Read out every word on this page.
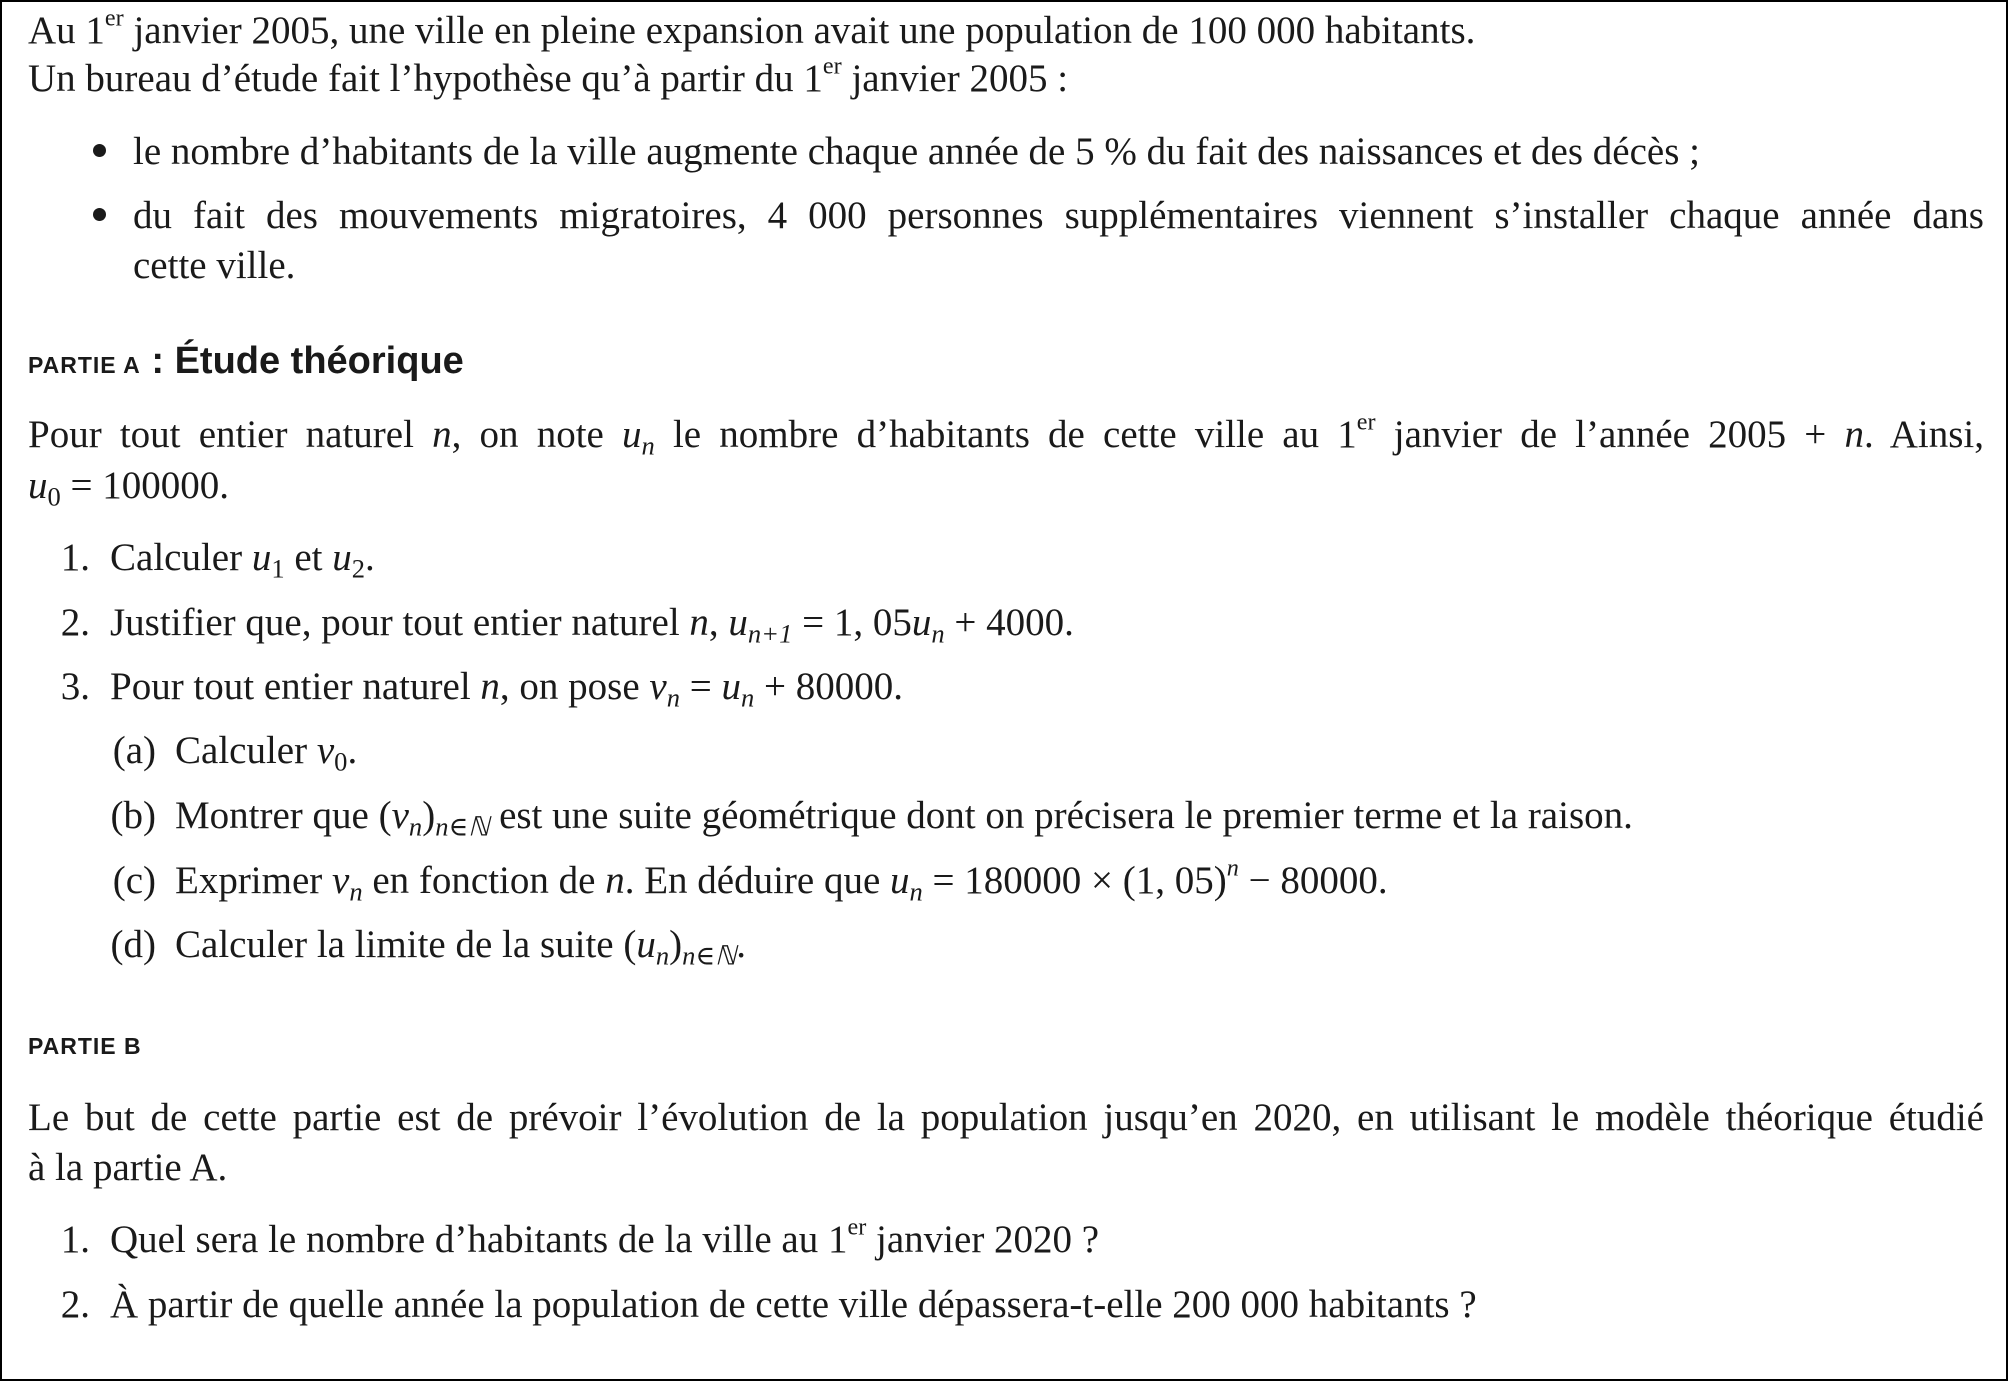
Au 1er janvier 2005, une ville en pleine expansion avait une population de 100 000 habitants.
Un bureau d’étude fait l’hypothèse qu’à partir du 1er janvier 2005 :
le nombre d’habitants de la ville augmente chaque année de 5 % du fait des naissances et des décès ;
du fait des mouvements migratoires, 4 000 personnes supplémentaires viennent s’installer chaque année dans
cette ville.
PARTIE A : Étude théorique
Pour tout entier naturel n, on note un le nombre d’habitants de cette ville au 1er janvier de l’année 2005 + n. Ainsi,
$u_0 = 100000$.
1. Calculer $u_1$ et $u_2$.
2. Justifier que, pour tout entier naturel n, un+1 = 1, 05un + 4000.
3. Pour tout entier naturel n, on pose vn = un + 80000.
(a) Calculer $v_0$.
(b) Montrer que (vn)n∈ℕ est une suite géométrique dont on précisera le premier terme et la raison.
(c) Exprimer vn en fonction de n. En déduire que un = 180000 × (1, 05)$^n$ − 80000.
(d) Calculer la limite de la suite (un)n∈ℕ.
PARTIE B
Le but de cette partie est de prévoir l’évolution de la population jusqu’en 2020, en utilisant le modèle théorique étudié
à la partie A.
1. Quel sera le nombre d’habitants de la ville au 1er janvier 2020 ?
2. À partir de quelle année la population de cette ville dépassera-t-elle 200 000 habitants ?
